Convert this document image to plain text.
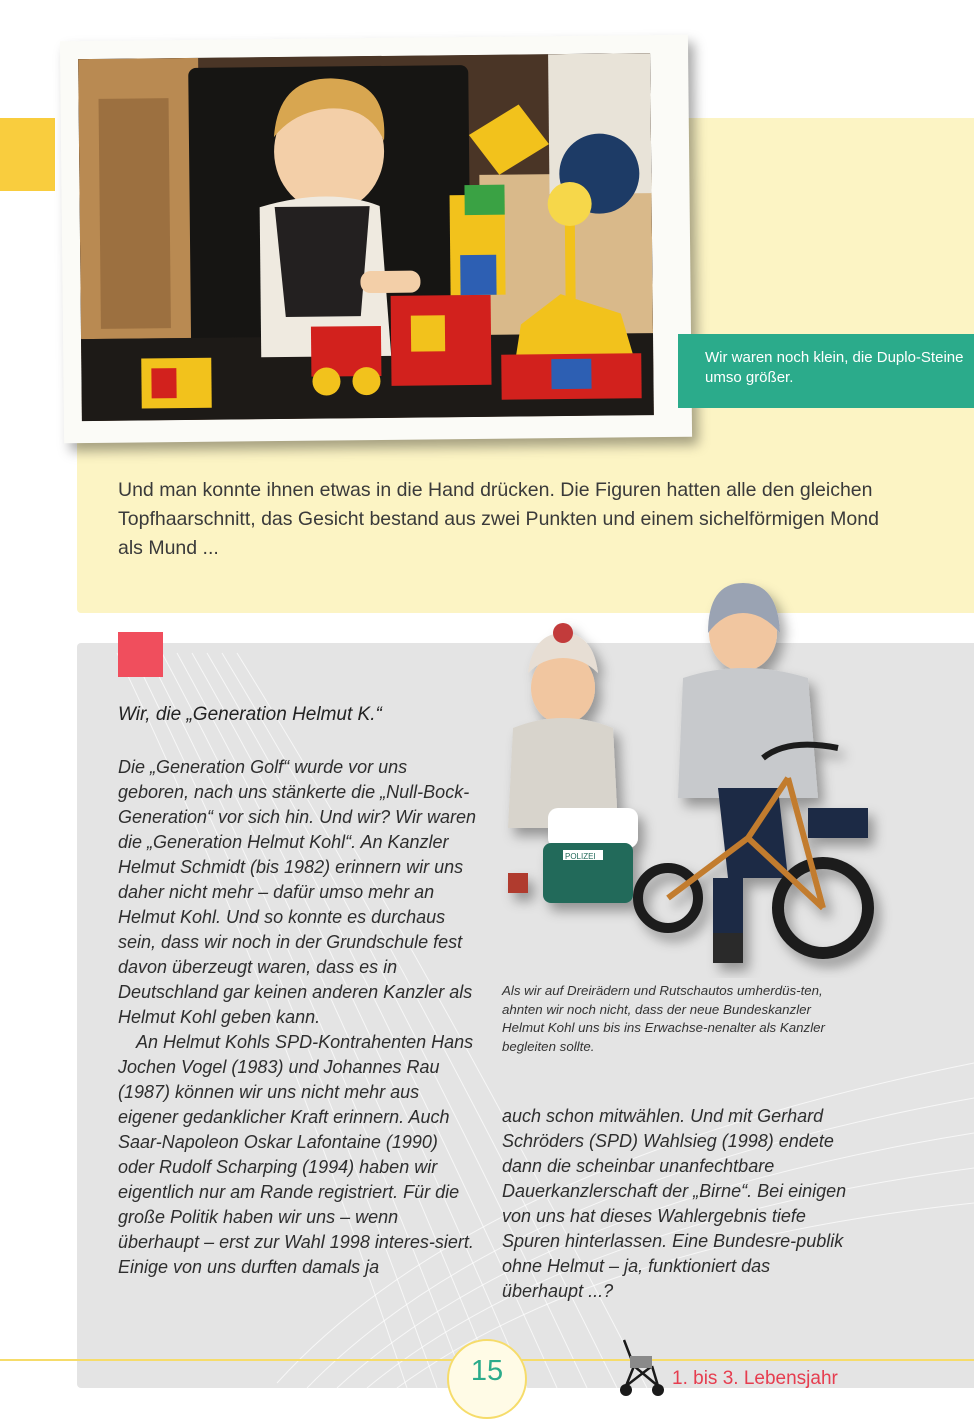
Wir waren noch klein, die Duplo-Steine umso größer.

Und man konnte ihnen etwas in die Hand drücken. Die Figuren hatten alle den gleichen Topfhaarschnitt, das Gesicht bestand aus zwei Punkten und einem sichelförmigen Mond als Mund ...

Wir, die „Generation Helmut K.“

Die „Generation Golf“ wurde vor uns geboren, nach uns stänkerte die „Null-Bock-Generation“ vor sich hin. Und wir? Wir waren die „Generation Helmut Kohl“. An Kanzler Helmut Schmidt (bis 1982) erinnern wir uns daher nicht mehr – dafür umso mehr an Helmut Kohl. Und so konnte es durchaus sein, dass wir noch in der Grundschule fest davon überzeugt waren, dass es in Deutschland gar keinen anderen Kanzler als Helmut Kohl geben kann.

An Helmut Kohls SPD-Kontrahenten Hans Jochen Vogel (1983) und Johannes Rau (1987) können wir uns nicht mehr aus eigener gedanklicher Kraft erinnern. Auch Saar-Napoleon Oskar Lafontaine (1990) oder Rudolf Scharping (1994) haben wir eigentlich nur am Rande registriert. Für die große Politik haben wir uns – wenn überhaupt – erst zur Wahl 1998 interes-siert. Einige von uns durften damals ja

POLIZEI

Als wir auf Dreirädern und Rutschautos umherdüs-ten, ahnten wir noch nicht, dass der neue Bundeskanzler Helmut Kohl uns bis ins Erwachse-nenalter als Kanzler begleiten sollte.

auch schon mitwählen. Und mit Gerhard Schröders (SPD) Wahlsieg (1998) endete dann die scheinbar unanfechtbare Dauerkanzlerschaft der „Birne“. Bei einigen von uns hat dieses Wahlergebnis tiefe Spuren hinterlassen. Eine Bundesre-publik ohne Helmut – ja, funktioniert das überhaupt ...?

15	1. bis 3. Lebensjahr
